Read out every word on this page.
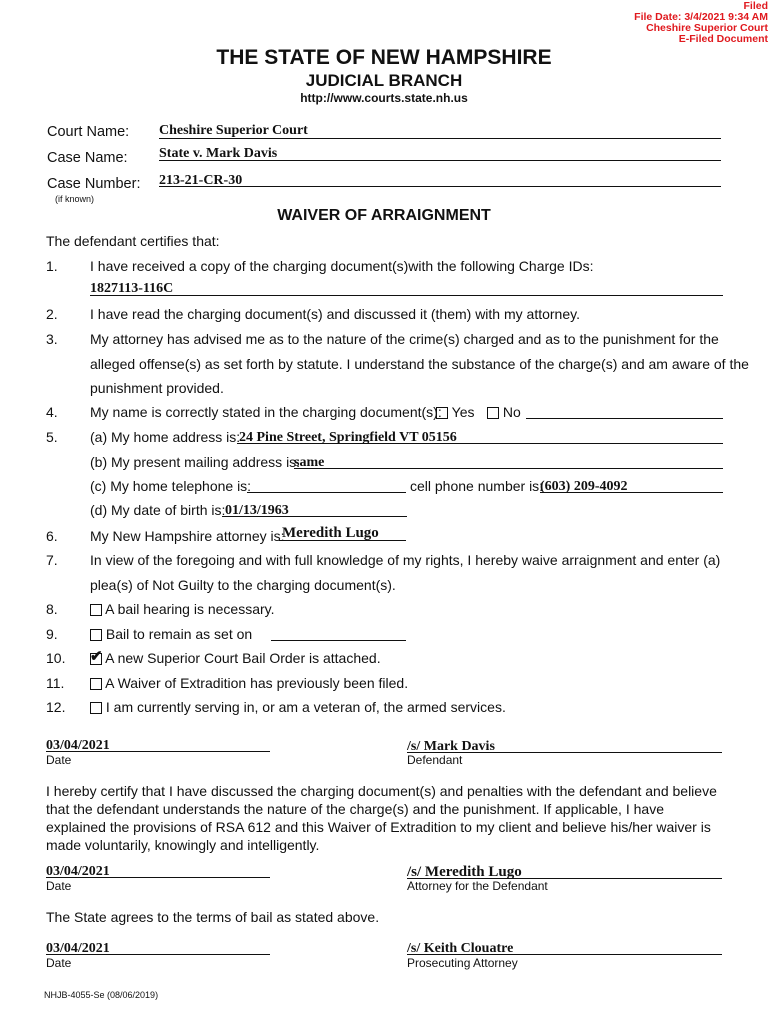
Filed
File Date: 3/4/2021 9:34 AM
Cheshire Superior Court
E-Filed Document
THE STATE OF NEW HAMPSHIRE
JUDICIAL BRANCH
http://www.courts.state.nh.us
Court Name: Cheshire Superior Court
Case Name: State v. Mark Davis
Case Number: 213-21-CR-30
(if known)
WAIVER OF ARRAIGNMENT
The defendant certifies that:
1. I have received a copy of the charging document(s)with the following Charge IDs:
1827113-116C
2. I have read the charging document(s) and discussed it (them) with my attorney.
3. My attorney has advised me as to the nature of the crime(s) charged and as to the punishment for the
alleged offense(s) as set forth by statute. I understand the substance of the charge(s) and am aware of the
punishment provided.
4. My name is correctly stated in the charging document(s): Yes	No
5. (a) My home address is:
24 Pine Street, Springfield VT 05156
(b) My present mailing address is:
same
(c) My home telephone is:	cell phone number is:
(603) 209-4092
(d) My date of birth is: 01/13/1963
6. My New Hampshire attorney is:
Meredith Lugo
7. In view of the foregoing and with full knowledge of my rights, I hereby waive arraignment and enter (a)
plea(s) of Not Guilty to the charging document(s).
8.	A bail hearing is necessary.
9.	Bail to remain as set on
10. ✔ A new Superior Court Bail Order is attached.
11.	A Waiver of Extradition has previously been filed.
12.	I am currently serving in, or am a veteran of, the armed services.
03/04/2021
Date
/s/ Mark Davis
Defendant
I hereby certify that I have discussed the charging document(s) and penalties with the defendant and believe that the defendant understands the nature of the charge(s) and the punishment. If applicable, I have explained the provisions of RSA 612 and this Waiver of Extradition to my client and believe his/her waiver is made voluntarily, knowingly and intelligently.
03/04/2021
Date
/s/ Meredith Lugo
Attorney for the Defendant
The State agrees to the terms of bail as stated above.
03/04/2021
Date
/s/ Keith Clouatre
Prosecuting Attorney
NHJB-4055-Se (08/06/2019)
